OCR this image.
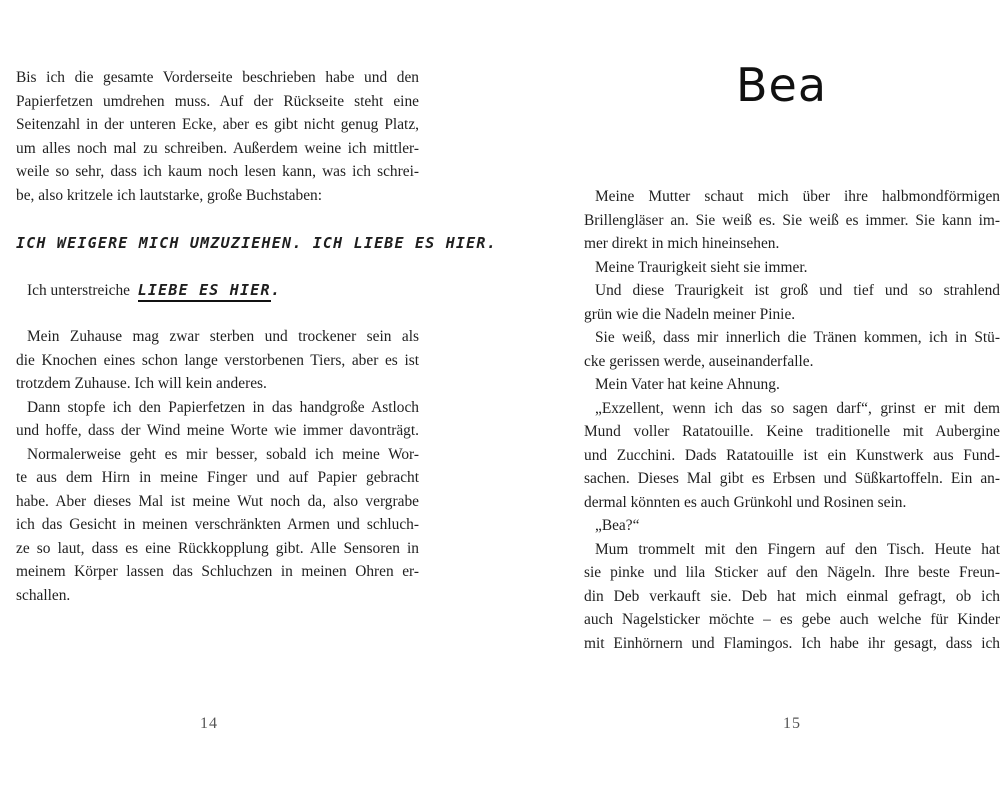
Bis ich die gesamte Vorderseite beschrieben habe und den
Papierfetzen umdrehen muss. Auf der Rückseite steht eine
Seitenzahl in der unteren Ecke, aber es gibt nicht genug Platz,
um alles noch mal zu schreiben. Außerdem weine ich mittler-
weile so sehr, dass ich kaum noch lesen kann, was ich schrei-
be, also kritzele ich lautstarke, große Buchstaben:
ICH WEIGERE MICH UMZUZIEHEN. ICH LIEBE ES HIER.
Ich unterstreiche LIEBE ES HIER.
Mein Zuhause mag zwar sterben und trockener sein als
die Knochen eines schon lange verstorbenen Tiers, aber es ist
trotzdem Zuhause. Ich will kein anderes.
Dann stopfe ich den Papierfetzen in das handgroße Astloch
und hoffe, dass der Wind meine Worte wie immer davonträgt.
Normalerweise geht es mir besser, sobald ich meine Wor-
te aus dem Hirn in meine Finger und auf Papier gebracht
habe. Aber dieses Mal ist meine Wut noch da, also vergrabe
ich das Gesicht in meinen verschränkten Armen und schluch-
ze so laut, dass es eine Rückkopplung gibt. Alle Sensoren in
meinem Körper lassen das Schluchzen in meinen Ohren er-
schallen.
14
Bea
Meine Mutter schaut mich über ihre halbmondförmigen
Brillengläser an. Sie weiß es. Sie weiß es immer. Sie kann im-
mer direkt in mich hineinsehen.
Meine Traurigkeit sieht sie immer.
Und diese Traurigkeit ist groß und tief und so strahlend
grün wie die Nadeln meiner Pinie.
Sie weiß, dass mir innerlich die Tränen kommen, ich in Stü-
cke gerissen werde, auseinanderfalle.
Mein Vater hat keine Ahnung.
„Exzellent, wenn ich das so sagen darf“, grinst er mit dem
Mund voller Ratatouille. Keine traditionelle mit Aubergine
und Zucchini. Dads Ratatouille ist ein Kunstwerk aus Fund-
sachen. Dieses Mal gibt es Erbsen und Süßkartoffeln. Ein an-
dermal könnten es auch Grünkohl und Rosinen sein.
„Bea?“
Mum trommelt mit den Fingern auf den Tisch. Heute hat
sie pinke und lila Sticker auf den Nägeln. Ihre beste Freun-
din Deb verkauft sie. Deb hat mich einmal gefragt, ob ich
auch Nagelsticker möchte – es gebe auch welche für Kinder
mit Einhörnern und Flamingos. Ich habe ihr gesagt, dass ich
15
